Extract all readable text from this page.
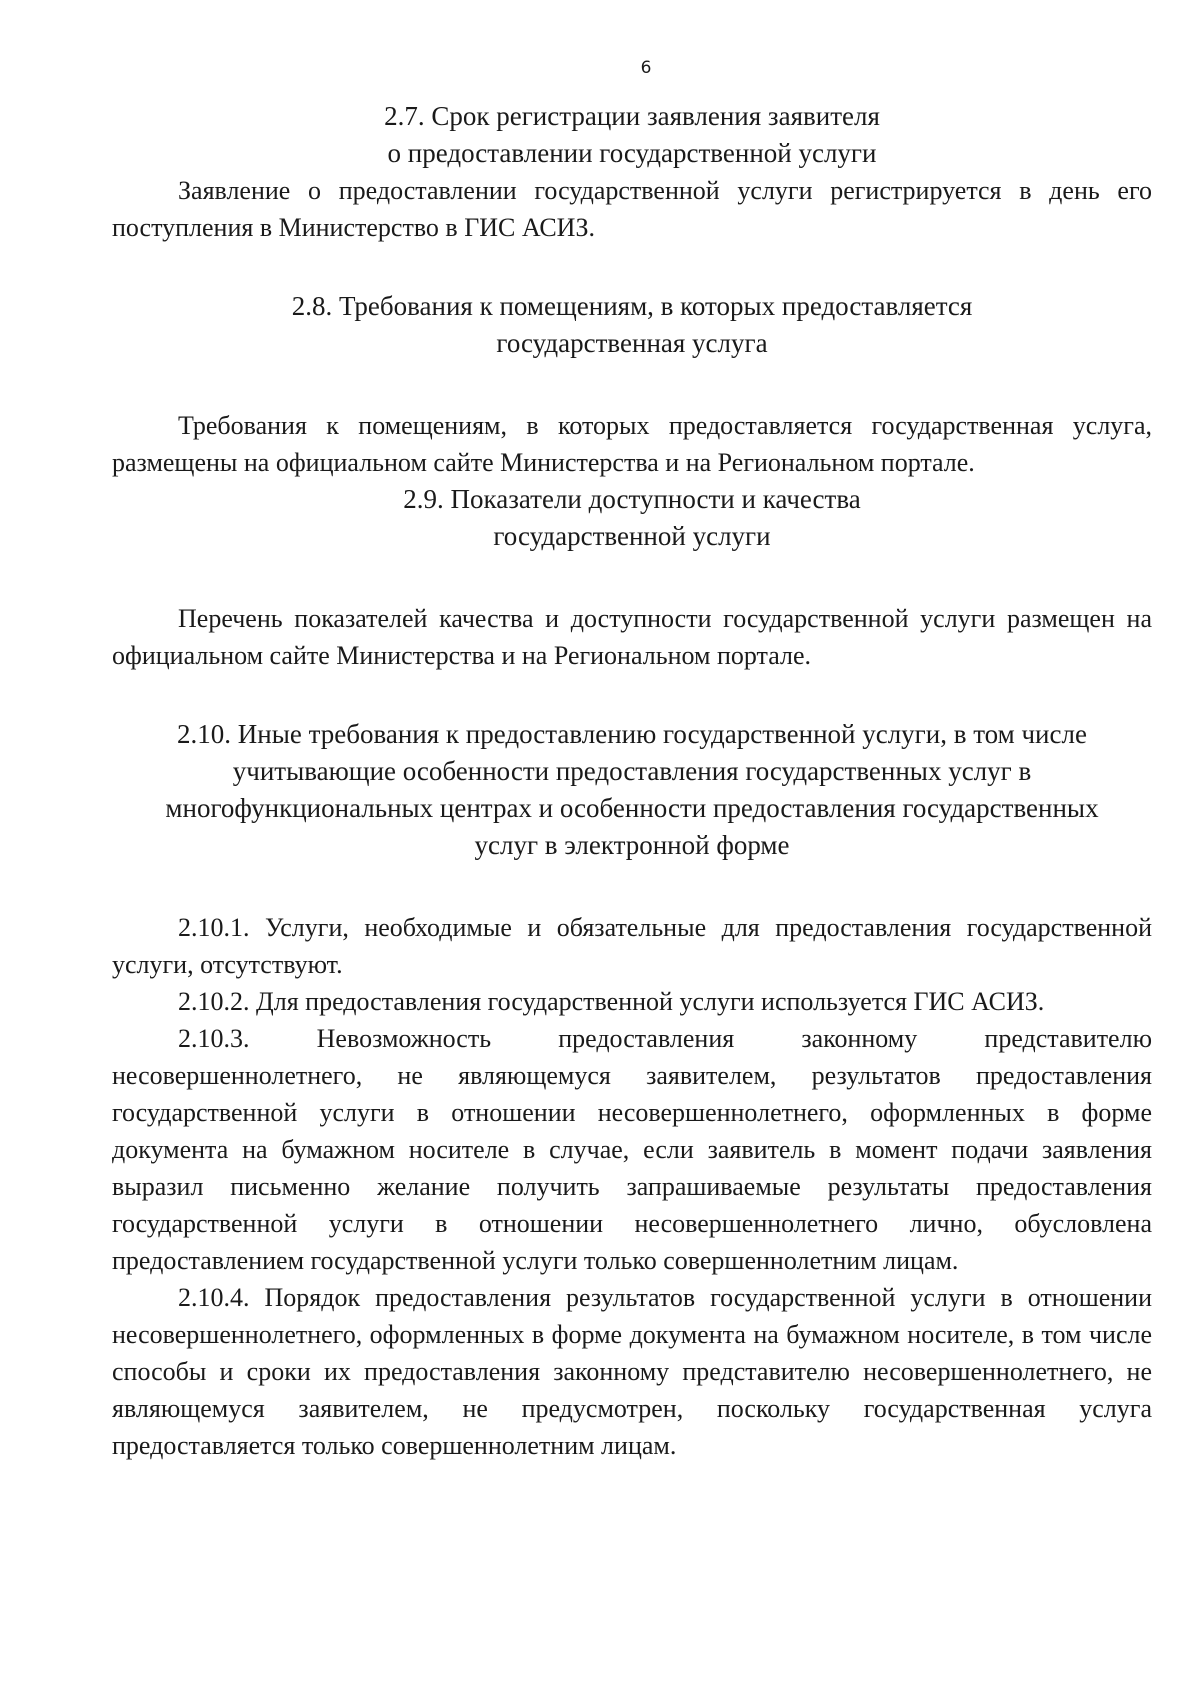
6

2.7. Срок регистрации заявления заявителя

о предоставлении государственной услуги

Заявление о предоставлении государственной услуги регистрируется в день его поступления в Министерство в ГИС АСИЗ.

2.8. Требования к помещениям, в которых предоставляется

государственная услуга

Требования к помещениям, в которых предоставляется государственная услуга, размещены на официальном сайте Министерства и на Региональном портале.

2.9. Показатели доступности и качества

государственной услуги

Перечень показателей качества и доступности государственной услуги размещен на официальном сайте Министерства и на Региональном портале.

2.10. Иные требования к предоставлению государственной услуги, в том числе

учитывающие особенности предоставления государственных услуг в

многофункциональных центрах и особенности предоставления государственных

услуг в электронной форме

2.10.1. Услуги, необходимые и обязательные для предоставления государственной услуги, отсутствуют.

2.10.2. Для предоставления государственной услуги используется ГИС АСИЗ.

2.10.3. Невозможность предоставления законному представителю несовершеннолетнего, не являющемуся заявителем, результатов предоставления государственной услуги в отношении несовершеннолетнего, оформленных в форме документа на бумажном носителе в случае, если заявитель в момент подачи заявления выразил письменно желание получить запрашиваемые результаты предоставления государственной услуги в отношении несовершеннолетнего лично, обусловлена предоставлением государственной услуги только совершеннолетним лицам.

2.10.4. Порядок предоставления результатов государственной услуги в отношении несовершеннолетнего, оформленных в форме документа на бумажном носителе, в том числе способы и сроки их предоставления законному представителю несовершеннолетнего, не являющемуся заявителем, не предусмотрен, поскольку государственная услуга предоставляется только совершеннолетним лицам.
